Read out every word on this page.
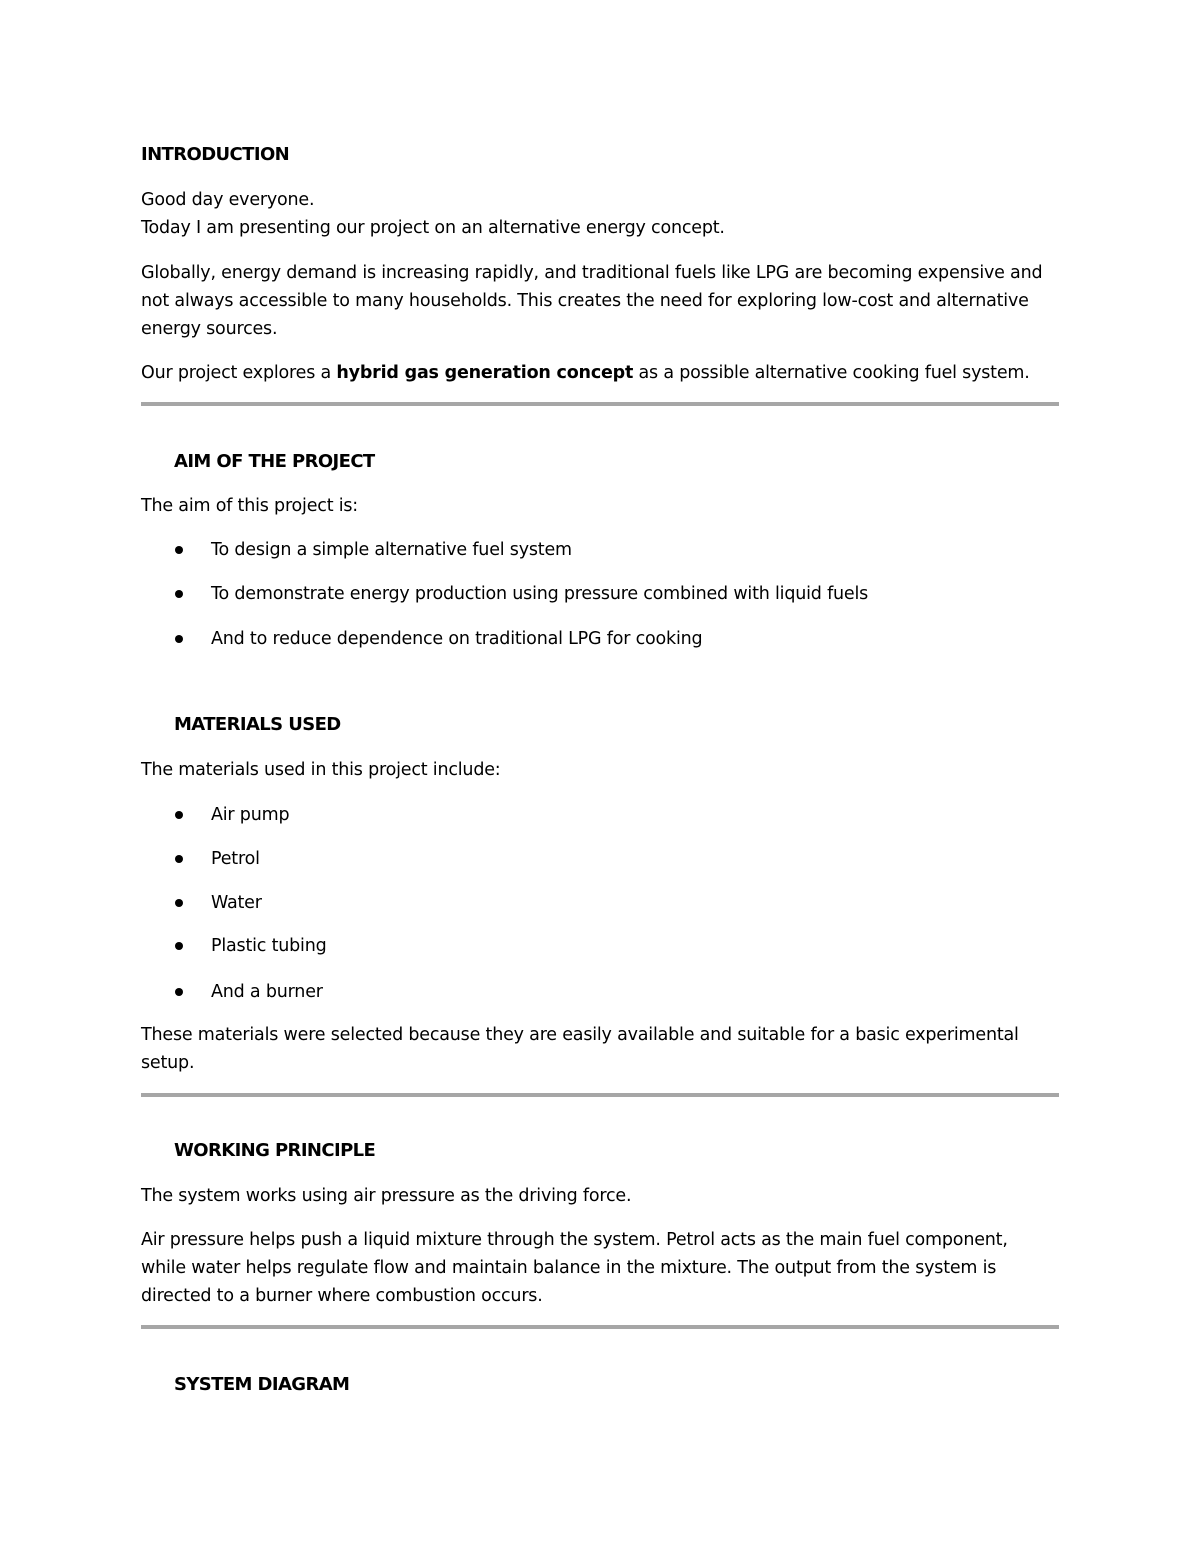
INTRODUCTION

Good day everyone.

Today I am presenting our project on an alternative energy concept.

Globally, energy demand is increasing rapidly, and traditional fuels like LPG are becoming expensive and

not always accessible to many households. This creates the need for exploring low-cost and alternative

energy sources.

Our project explores a hybrid gas generation concept as a possible alternative cooking fuel system.

AIM OF THE PROJECT

The aim of this project is:

To design a simple alternative fuel system
To demonstrate energy production using pressure combined with liquid fuels
And to reduce dependence on traditional LPG for cooking
MATERIALS USED

The materials used in this project include:

Air pump
Petrol
Water
Plastic tubing
And a burner

These materials were selected because they are easily available and suitable for a basic experimental

setup.

WORKING PRINCIPLE

The system works using air pressure as the driving force.

Air pressure helps push a liquid mixture through the system. Petrol acts as the main fuel component,

while water helps regulate flow and maintain balance in the mixture. The output from the system is

directed to a burner where combustion occurs.

SYSTEM DIAGRAM
